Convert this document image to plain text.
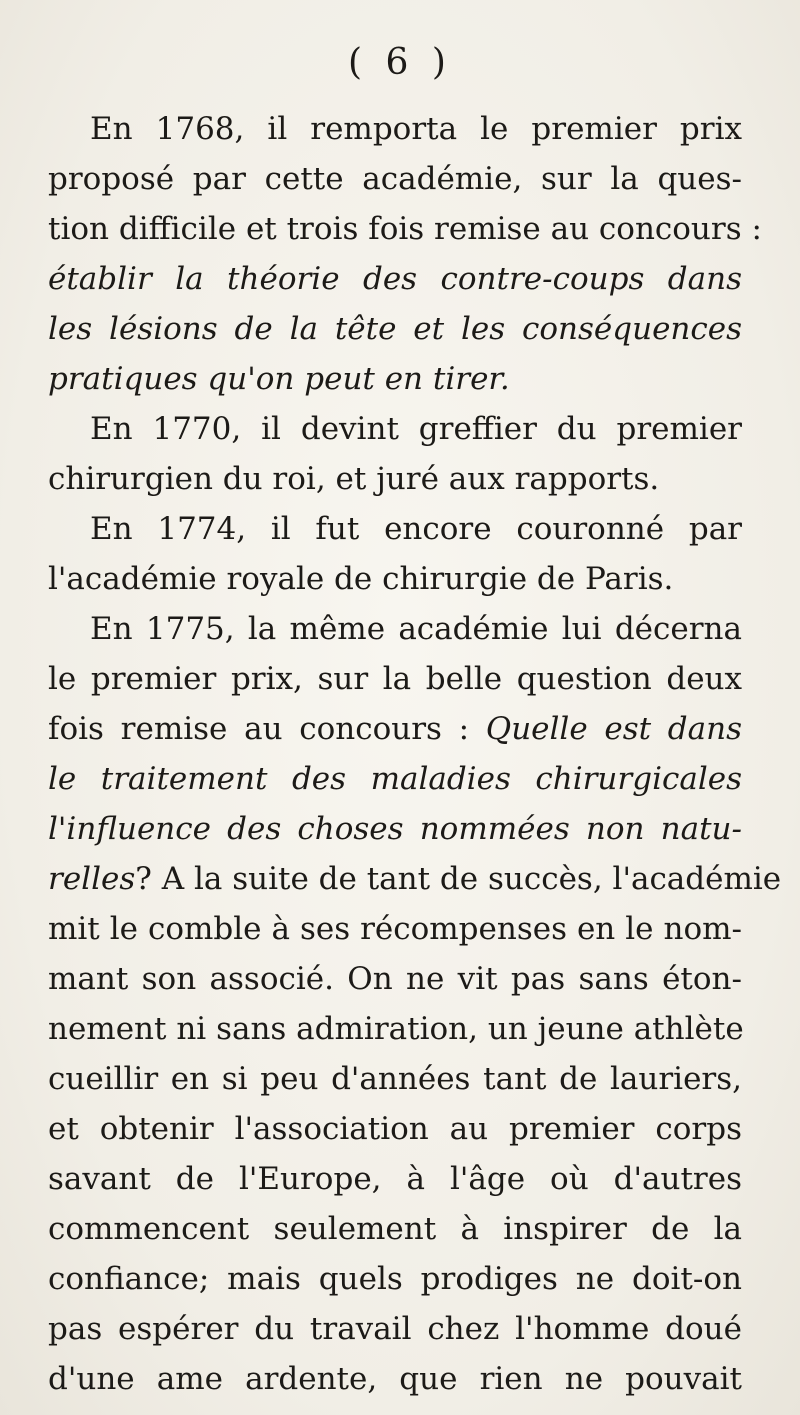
( 6 )
En 1768, il remporta le premier prix
proposé par cette académie, sur la ques-
tion difficile et trois fois remise au concours :
établir la théorie des contre-coups dans
les lésions de la tête et les conséquences
pratiques qu'on peut en tirer.
En 1770, il devint greffier du premier
chirurgien du roi, et juré aux rapports.
En 1774, il fut encore couronné par
l'académie royale de chirurgie de Paris.
En 1775, la même académie lui décerna
le premier prix, sur la belle question deux
fois remise au concours : Quelle est dans
le traitement des maladies chirurgicales
l'influence des choses nommées non natu-
relles? A la suite de tant de succès, l'académie
mit le comble à ses récompenses en le nom-
mant son associé. On ne vit pas sans éton-
nement ni sans admiration, un jeune athlète
cueillir en si peu d'années tant de lauriers,
et obtenir l'association au premier corps
savant de l'Europe, à l'âge où d'autres
commencent seulement à inspirer de la
confiance; mais quels prodiges ne doit-on
pas espérer du travail chez l'homme doué
d'une ame ardente, que rien ne pouvait
